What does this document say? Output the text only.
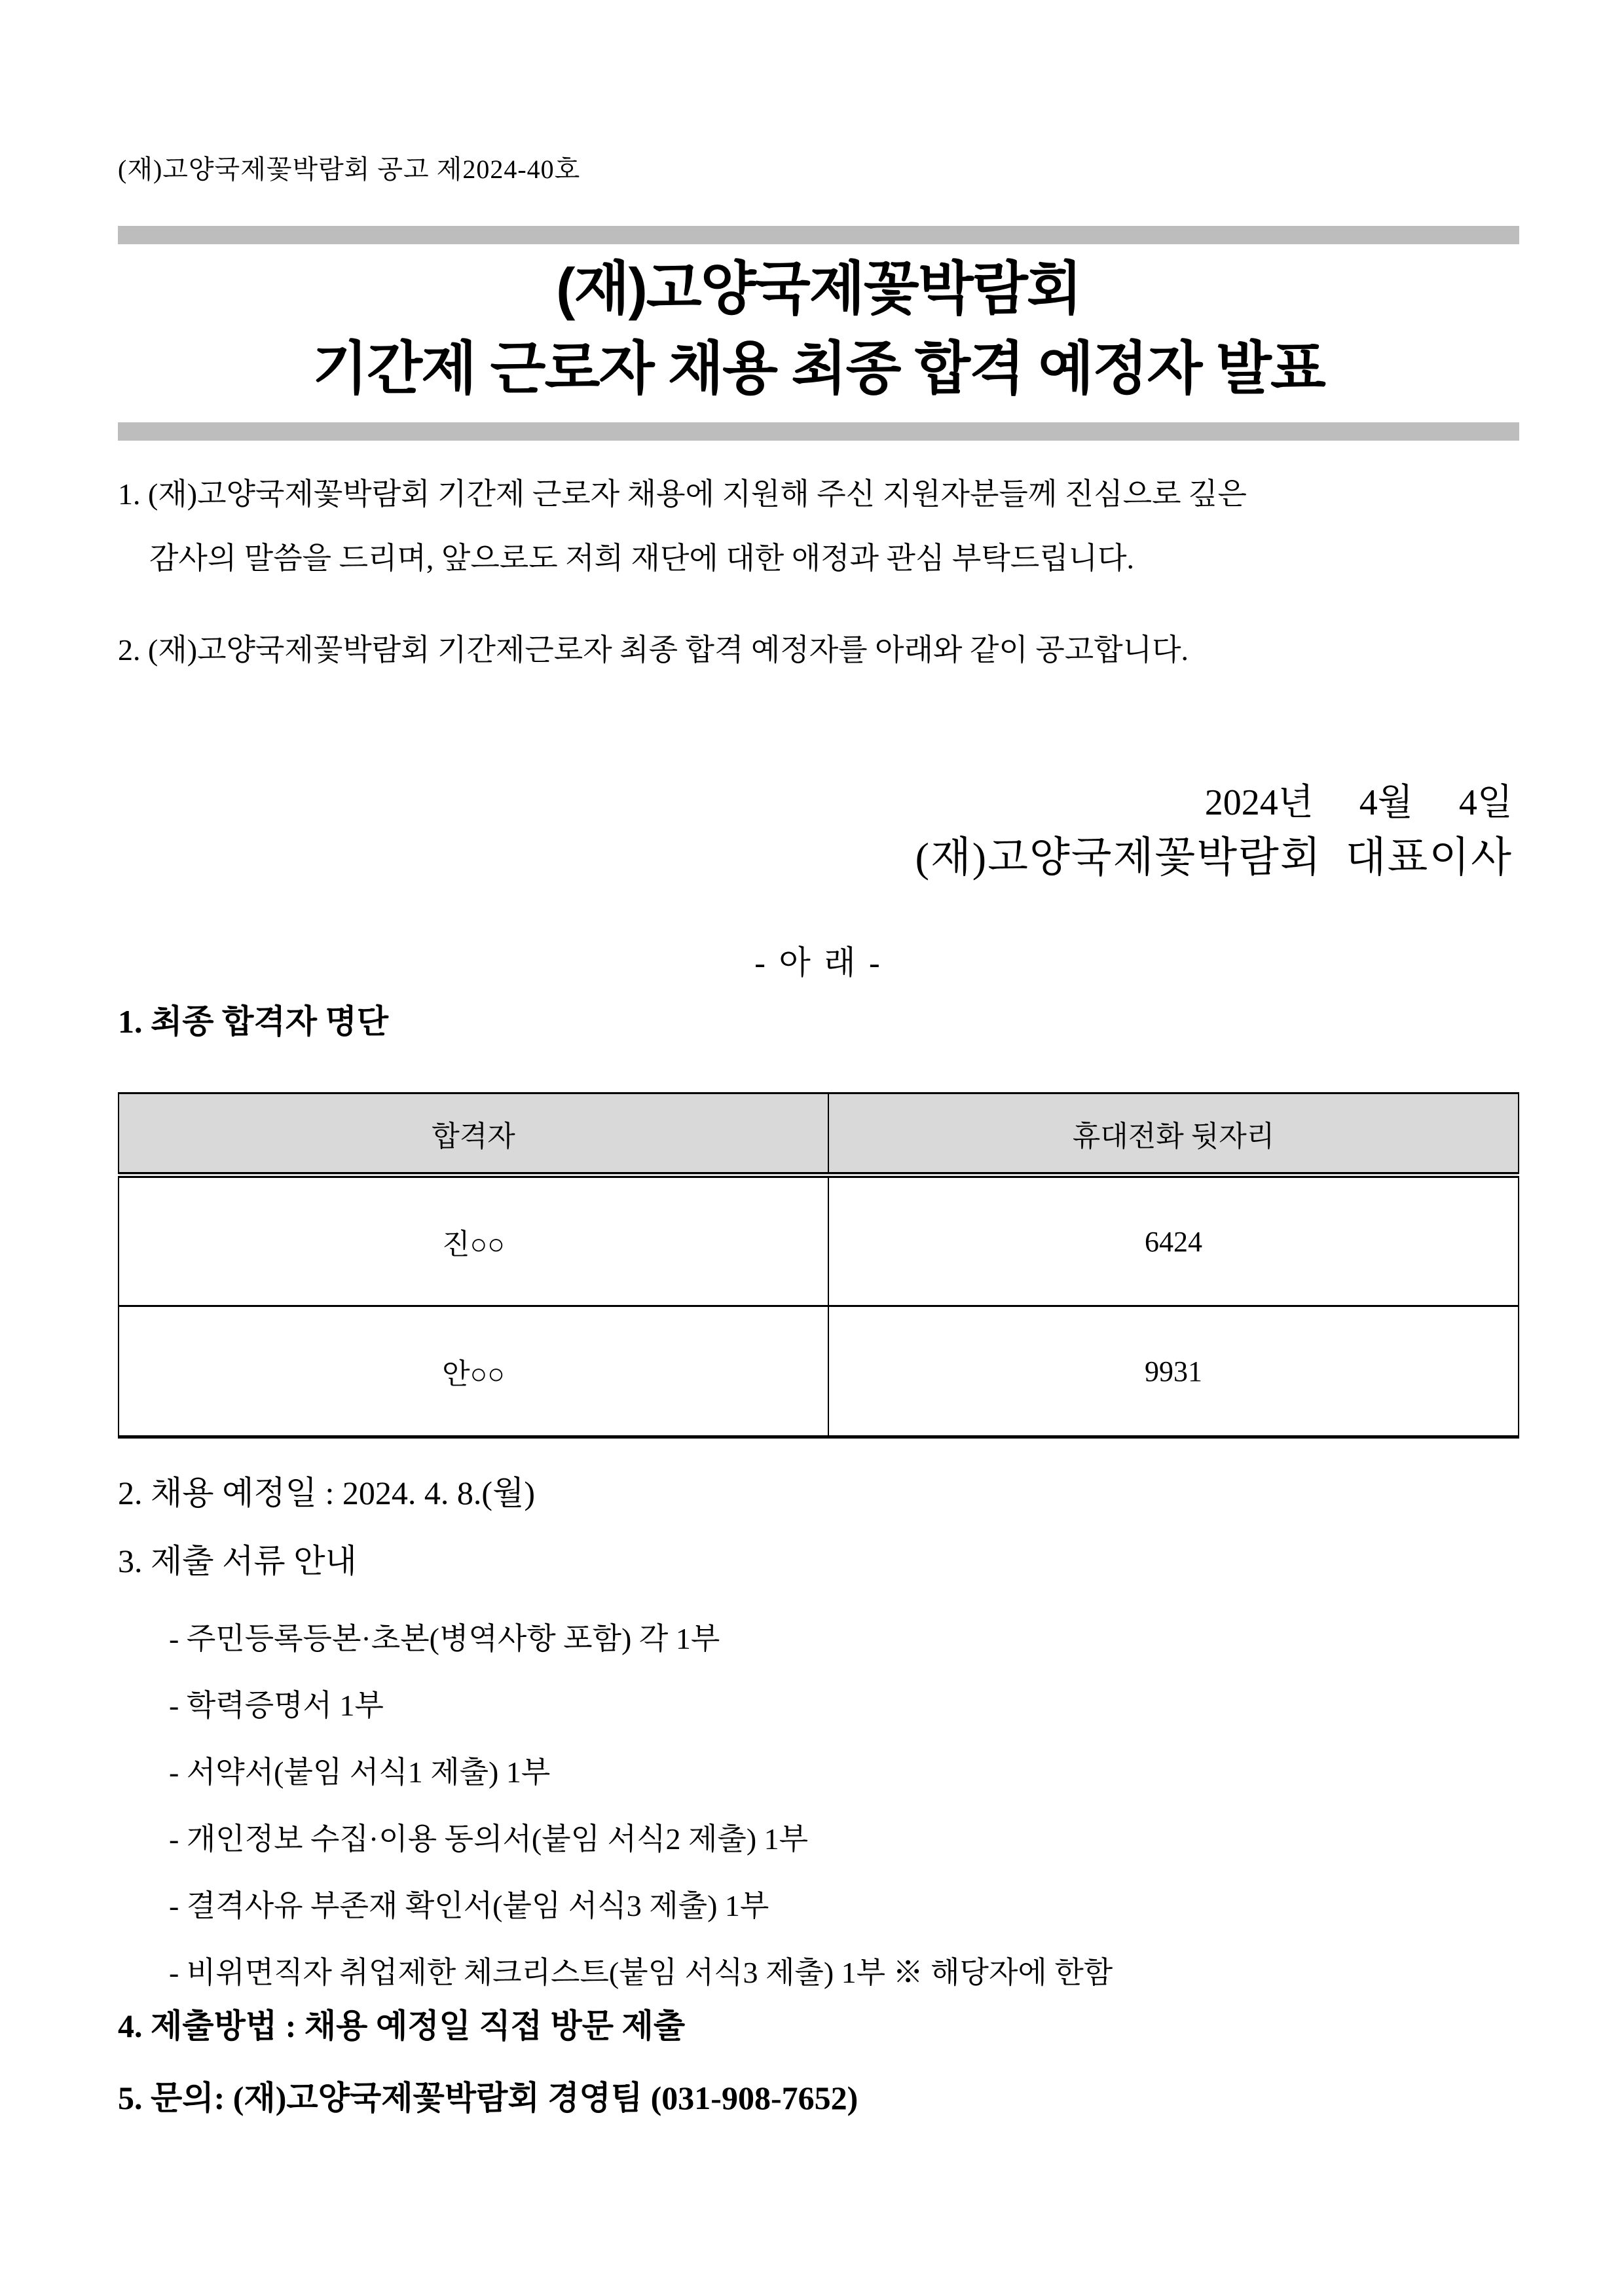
(재)고양국제꽃박람회 공고 제2024-40호
(재)고양국제꽃박람회
기간제 근로자 채용 최종 합격 예정자 발표
1. (재)고양국제꽃박람회 기간제 근로자 채용에 지원해 주신 지원자분들께 진심으로 깊은
감사의 말씀을 드리며, 앞으로도 저희 재단에 대한 애정과 관심 부탁드립니다.
2. (재)고양국제꽃박람회 기간제근로자 최종 합격 예정자를 아래와 같이 공고합니다.
2024년     4월     4일
(재)고양국제꽃박람회  대표이사
- 아 래 -
1. 최종 합격자 명단
합격자	휴대전화 뒷자리
진○○	6424
안○○	9931
2. 채용 예정일 : 2024. 4. 8.(월)
3. 제출 서류 안내
- 주민등록등본·초본(병역사항 포함) 각 1부
- 학력증명서 1부
- 서약서(붙임 서식1 제출) 1부
- 개인정보 수집·이용 동의서(붙임 서식2 제출) 1부
- 결격사유 부존재 확인서(붙임 서식3 제출) 1부
- 비위면직자 취업제한 체크리스트(붙임 서식3 제출) 1부 ※ 해당자에 한함
4. 제출방법 : 채용 예정일 직접 방문 제출
5. 문의: (재)고양국제꽃박람회 경영팀 (031-908-7652)
